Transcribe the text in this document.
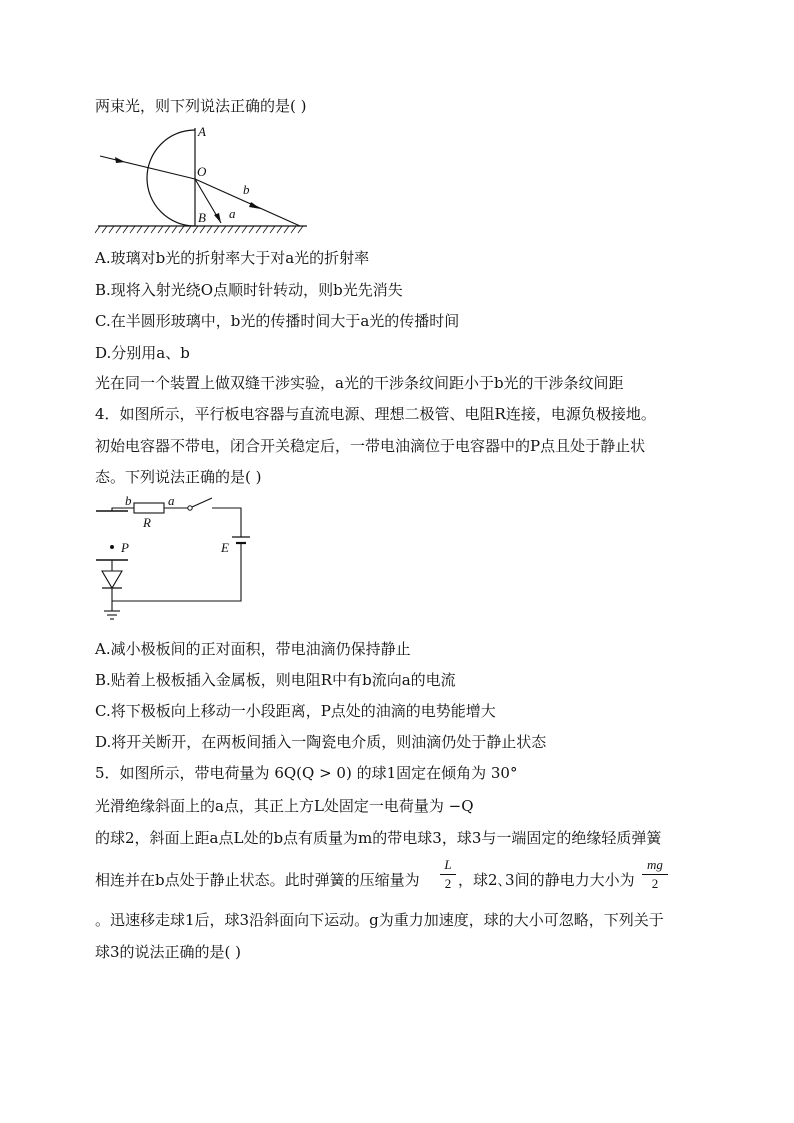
两束光，则下列说法正确的是( )
A
O
B a
b
A.玻璃对b光的折射率大于对a光的折射率
B.现将入射光绕O点顺时针转动，则b光先消失
C.在半圆形玻璃中，b光的传播时间大于a光的传播时间
D.分别用a、b
光在同一个装置上做双缝干涉实验，a光的干涉条纹间距小于b光的干涉条纹间距
4．如图所示，平行板电容器与直流电源、理想二极管、电阻R连接，电源负极接地。
初始电容器不带电，闭合开关稳定后，一带电油滴位于电容器中的P点且处于静止状
态。下列说法正确的是( )
b	a
R
P	E
A.减小极板间的正对面积，带电油滴仍保持静止
B.贴着上极板插入金属板，则电阻R中有b流向a的电流
C.将下极板向上移动一小段距离，P点处的油滴的电势能增大
D.将开关断开，在两板间插入一陶瓷电介质，则油滴仍处于静止状态
5．如图所示，带电荷量为 6Q(Q > 0) 的球1固定在倾角为 30°
光滑绝缘斜面上的a点，其正上方L处固定一电荷量为 −Q
的球2，斜面上距a点L处的b点有质量为m的带电球3，球3与一端固定的绝缘轻质弹簧
相连并在b点处于静止状态。此时弹簧的压缩量为
L
2 ，球2､3间的静电力大小为
mg
2
。迅速移走球1后，球3沿斜面向下运动。g为重力加速度，球的大小可忽略，下列关于
球3的说法正确的是( )
